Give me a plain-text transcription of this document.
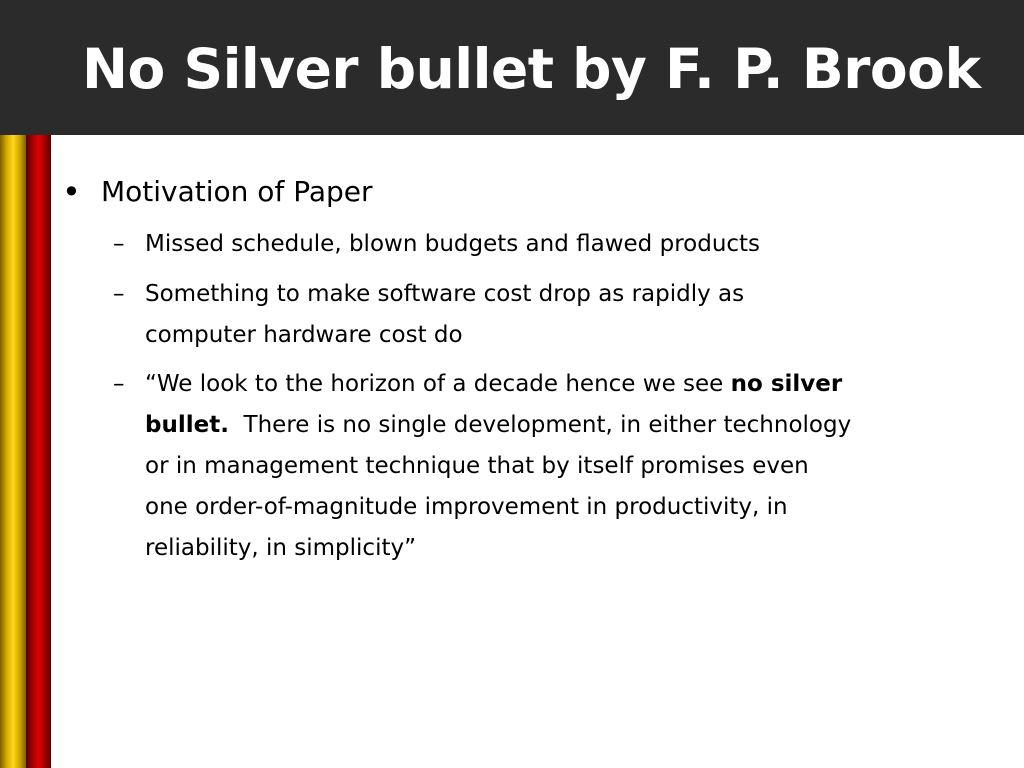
No Silver bullet by F. P. Brook
• Motivation of Paper
– Missed schedule, blown budgets and flawed products
– Something to make software cost drop as rapidly as
computer hardware cost do
– “We look to the horizon of a decade hence we see no silver
bullet.  There is no single development, in either technology
or in management technique that by itself promises even
one order-of-magnitude improvement in productivity, in
reliability, in simplicity”
